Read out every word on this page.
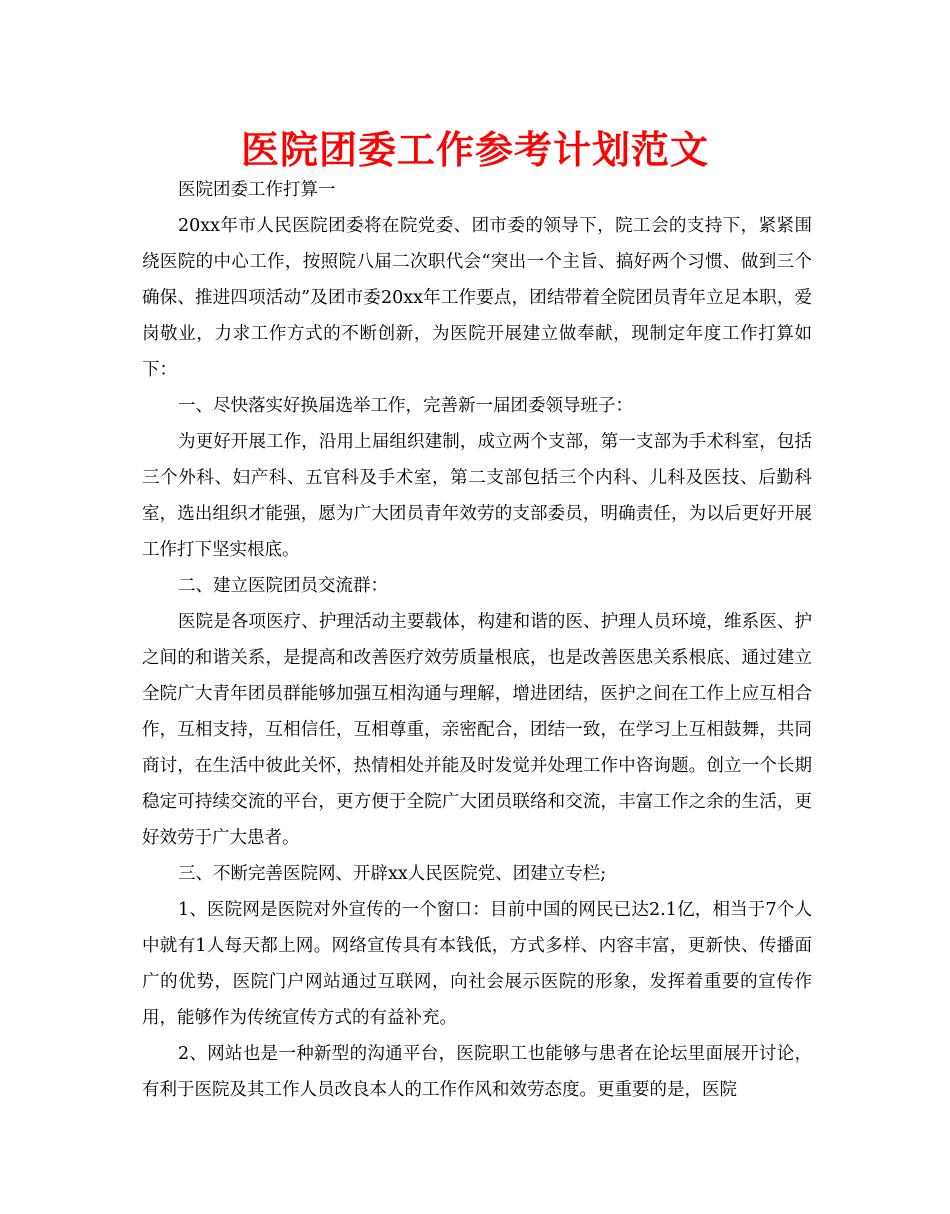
医院团委工作参考计划范文

医院团委工作打算一

20xx年市人民医院团委将在院党委、团市委的领导下，院工会的支持下，紧紧围绕医院的中心工作，按照院八届二次职代会“突出一个主旨、搞好两个习惯、做到三个确保、推进四项活动”及团市委20xx年工作要点，团结带着全院团员青年立足本职，爱岗敬业，力求工作方式的不断创新，为医院开展建立做奉献，现制定年度工作打算如下：

一、尽快落实好换届选举工作，完善新一届团委领导班子：

为更好开展工作，沿用上届组织建制，成立两个支部，第一支部为手术科室，包括三个外科、妇产科、五官科及手术室，第二支部包括三个内科、儿科及医技、后勤科室，选出组织才能强，愿为广大团员青年效劳的支部委员，明确责任，为以后更好开展工作打下坚实根底。

二、建立医院团员交流群：

医院是各项医疗、护理活动主要载体，构建和谐的医、护理人员环境，维系医、护之间的和谐关系，是提高和改善医疗效劳质量根底，也是改善医患关系根底、通过建立全院广大青年团员群能够加强互相沟通与理解，增进团结，医护之间在工作上应互相合作，互相支持，互相信任，互相尊重，亲密配合，团结一致，在学习上互相鼓舞，共同商讨，在生活中彼此关怀，热情相处并能及时发觉并处理工作中咨询题。创立一个长期稳定可持续交流的平台，更方便于全院广大团员联络和交流，丰富工作之余的生活，更好效劳于广大患者。

三、不断完善医院网、开辟xx人民医院党、团建立专栏;

1、医院网是医院对外宣传的一个窗口：目前中国的网民已达2.1亿，相当于7个人中就有1人每天都上网。网络宣传具有本钱低，方式多样、内容丰富，更新快、传播面广的优势，医院门户网站通过互联网，向社会展示医院的形象，发挥着重要的宣传作用，能够作为传统宣传方式的有益补充。

2、网站也是一种新型的沟通平台，医院职工也能够与患者在论坛里面展开讨论，有利于医院及其工作人员改良本人的工作作风和效劳态度。更重要的是，医院
